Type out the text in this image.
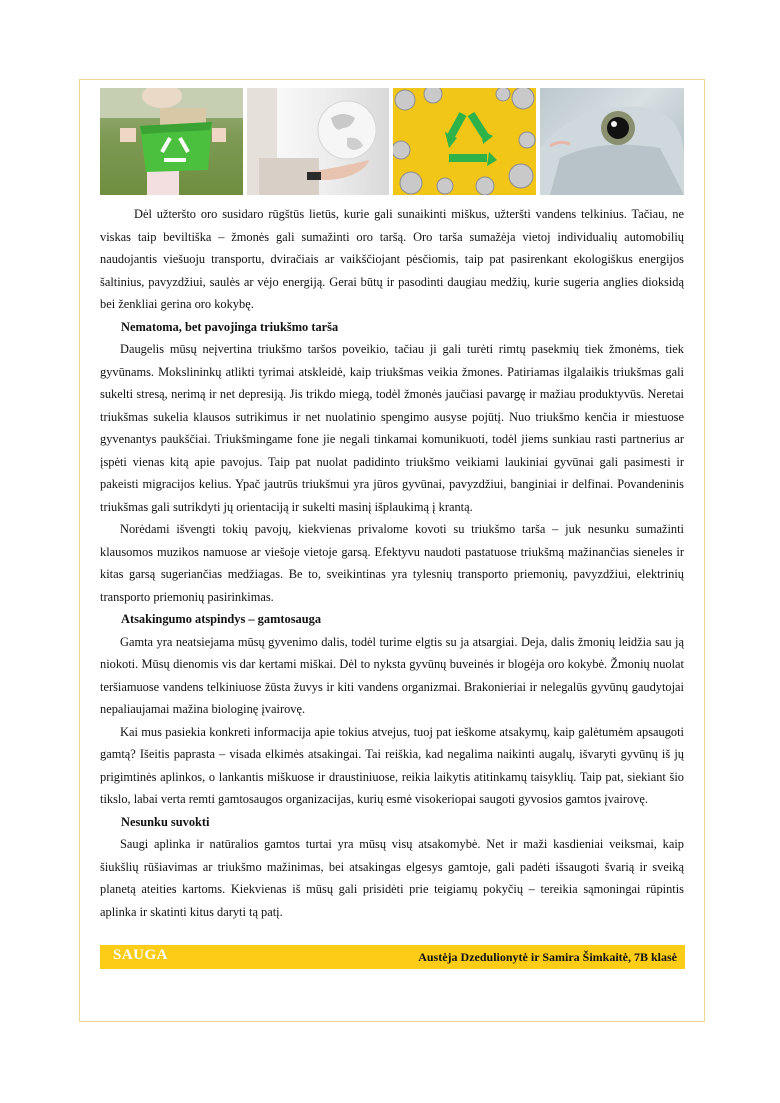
Dėl užteršto oro susidaro rūgštūs lietūs, kurie gali sunaikinti miškus, užteršti vandens telkinius. Tačiau, ne viskas taip beviltiška – žmonės gali sumažinti oro taršą. Oro tarša sumažėja vietoj individualių automobilių naudojantis viešuoju transportu, dviračiais ar vaikščiojant pėsčiomis, taip pat pasirenkant ekologiškus energijos šaltinius, pavyzdžiui, saulės ar vėjo energiją. Gerai būtų ir pasodinti daugiau medžių, kurie sugeria anglies dioksidą bei ženkliai gerina oro kokybę.

Nematoma, bet pavojinga triukšmo tarša

Daugelis mūsų neįvertina triukšmo taršos poveikio, tačiau ji gali turėti rimtų pasekmių tiek žmonėms, tiek gyvūnams. Mokslininkų atlikti tyrimai atskleidė, kaip triukšmas veikia žmones. Patiriamas ilgalaikis triukšmas gali sukelti stresą, nerimą ir net depresiją. Jis trikdo miegą, todėl žmonės jaučiasi pavargę ir mažiau produktyvūs. Neretai triukšmas sukelia klausos sutrikimus ir net nuolatinio spengimo ausyse pojūtį. Nuo triukšmo kenčia ir miestuose gyvenantys paukščiai. Triukšmingame fone jie negali tinkamai komunikuoti, todėl jiems sunkiau rasti partnerius ar įspėti vienas kitą apie pavojus. Taip pat nuolat padidinto triukšmo veikiami laukiniai gyvūnai gali pasimesti ir pakeisti migracijos kelius. Ypač jautrūs triukšmui yra jūros gyvūnai, pavyzdžiui, banginiai ir delfinai. Povandeninis triukšmas gali sutrikdyti jų orientaciją ir sukelti masinį išplaukimą į krantą.

Norėdami išvengti tokių pavojų, kiekvienas privalome kovoti su triukšmo tarša – juk nesunku sumažinti klausomos muzikos namuose ar viešoje vietoje garsą. Efektyvu naudoti pastatuose triukšmą mažinančias sieneles ir kitas garsą sugeriančias medžiagas. Be to, sveikintinas yra tylesnių transporto priemonių, pavyzdžiui, elektrinių transporto priemonių pasirinkimas.

Atsakingumo atspindys – gamtosauga

Gamta yra neatsiejama mūsų gyvenimo dalis, todėl turime elgtis su ja atsargiai. Deja, dalis žmonių leidžia sau ją niokoti. Mūsų dienomis vis dar kertami miškai. Dėl to nyksta gyvūnų buveinės ir blogėja oro kokybė. Žmonių nuolat teršiamuose vandens telkiniuose žūsta žuvys ir kiti vandens organizmai. Brakonieriai ir nelegalūs gyvūnų gaudytojai nepaliaujamai mažina biologinę įvairovę.

Kai mus pasiekia konkreti informacija apie tokius atvejus, tuoj pat ieškome atsakymų, kaip galėtumėm apsaugoti gamtą? Išeitis paprasta – visada elkimės atsakingai. Tai reiškia, kad negalima naikinti augalų, išvaryti gyvūnų iš jų prigimtinės aplinkos, o lankantis miškuose ir draustiniuose, reikia laikytis atitinkamų taisyklių. Taip pat, siekiant šio tikslo, labai verta remti gamtosaugos organizacijas, kurių esmė visokeriopai saugoti gyvosios gamtos įvairovę.

Nesunku suvokti

Saugi aplinka ir natūralios gamtos turtai yra mūsų visų atsakomybė. Net ir maži kasdieniai veiksmai, kaip šiukšlių rūšiavimas ar triukšmo mažinimas, bei atsakingas elgesys gamtoje, gali padėti išsaugoti švarią ir sveiką planetą ateities kartoms. Kiekvienas iš mūsų gali prisidėti prie teigiamų pokyčių – tereikia sąmoningai rūpintis aplinka ir skatinti kitus daryti tą patį.

SAUGA	Austėja Dzedulionytė ir Samira Šimkaitė, 7B klasė
